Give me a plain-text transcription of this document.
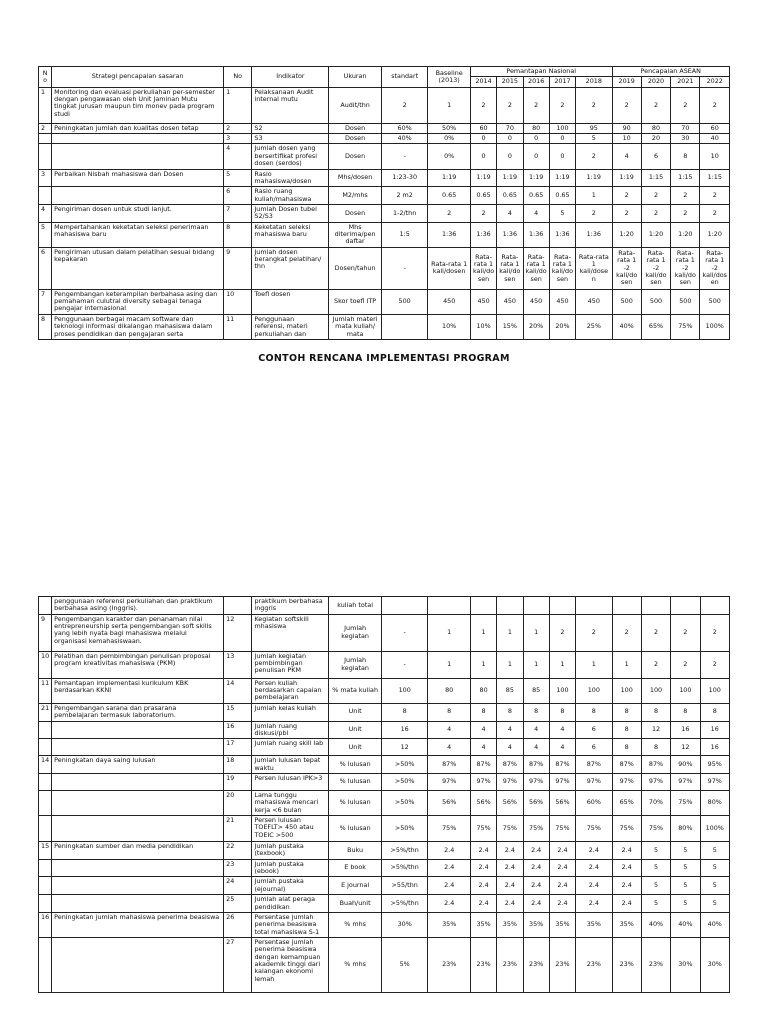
No	Strategi pencapaian sasaran	No	Indikator	Ukuran	standart	Baseline (2013)	Pemantapan Nasional					Pencapaian ASEAN			
							2014	2015	2016	2017	2018	2019	2020	2021	2022
1	Monitoring dan evaluasi perkuliahan per-semester dengan pengawasan oleh Unit Jaminan Mutu tingkat jurusan maupun tim monev pada program studi	1	Pelaksanaan Audit internal mutu	Audit/thn	2	1	2	2	2	2	2	2	2	2	2
2	Peningkatan jumlah dan kualitas dosen tetap	2	S2	Dosen	60%	50%	60	70	80	100	95	90	80	70	60
		3	S3	Dosen	40%	0%	0	0	0	0	5	10	20	30	40
		4	Jumlah dosen yang bersertifikat profesi dosen (serdos)	Dosen	-	0%	0	0	0	0	2	4	6	8	10
3	Perbaikan Nisbah mahasiswa dan Dosen	5	Rasio mahasiswa/dosen	Mhs/dosen	1:23-30	1:19	1:19	1:19	1:19	1:19	1:19	1:19	1:15	1:15	1:15
		6	Rasio ruang kuliah/mahasiswa	M2/mhs	2 m2	0.65	0.65	0.65	0.65	0.65	1	2	2	2	2
4	Pengiriman dosen untuk studi lanjut.	7	Jumlah Dosen tubel S2/S3	Dosen	1-2/thn	2	2	4	4	5	2	2	2	2	2
5	Mempertahankan keketatan seleksi penerimaan mahasiswa baru	8	Keketatan seleksi mahasiswa baru	Mhs diterima/pen daftar	1:5	1:36	1:36	1:36	1:36	1:36	1:36	1:20	1:20	1:20	1:20
6	Pengiriman utusan dalam pelatihan sesuai bidang kepakaran	9	Jumlah dosen berangkat pelatihan/ thn	Dosen/tahun	-	Rata-rata 1 kali/dosen	Rata-rata 1 kali/dosen	Rata-rata 1 kali/dosen	Rata-rata 1 kali/dosen	Rata-rata 1 kali/dosen	Rata-rata 1 kali/dosen	Rata-rata 1 -2 kali/dosen	Rata-rata 1 -2 kali/dosen	Rata-rata 1 -2 kali/dosen	Rata-rata 1 -2 kali/dosen
7	Pengembangan keterampilan berbahasa asing dan pemahaman culutral diversity sebagai tenaga pengajar internasional	10	Toefl dosen	Skor toefl ITP	500	450	450	450	450	450	450	500	500	500	500
8	Penggunaan berbagai macam software dan teknologi informasi dikalangan mahasiswa dalam proses pendidikan dan pengajaran serta	11	Penggunaan referensi, materi perkuliahan dan	Jumlah materi mata kuliah/ mata		10%	10%	15%	20%	20%	25%	40%	65%	75%	100%
CONTOH RENCANA IMPLEMENTASI PROGRAM
	penggunaan referensi perkuliahan dan praktikum berbahasa asing (Inggris).		praktikum berbahasa inggris	kuliah total											
9	Pengembangan karakter dan penanaman nilai entrepreneurship serta pengembangan soft skills yang lebih nyata bagi mahasiswa melalui organisasi kemahasiswaan.	12	Kegiatan softskill mhasiswa	Jumlah kegiatan	-	1	1	1	1	2	2	2	2	2	2
10	Pelatihan dan pembimbingan penulisan proposal program kreativitas mahasiswa (PKM)	13	Jumlah kegiatan pembimbingan penulisan PKM	Jumlah kegiatan	-	1	1	1	1	1	1	1	2	2	2
11	Pemantapan implementasi kurikulum KBK berdasarkan KKNI	14	Persen kuliah berdasarkan capaian pembelajaran	% mata kuliah	100	80	80	85	85	100	100	100	100	100	100
21	Pengembangan sarana dan prasarana pembelajaran termasuk laboratorium.	15	Jumlah kelas kuliah	Unit	8	8	8	8	8	8	8	8	8	8	8
		16	Jumlah ruang diskusi/pbl	Unit	16	4	4	4	4	4	6	8	12	16	16
		17	Jumlah ruang skill lab	Unit	12	4	4	4	4	4	6	8	8	12	16
14	Peningkatan daya saing lulusan	18	Jumlah lulusan tepat waktu	% lulusan	>50%	87%	87%	87%	87%	87%	87%	87%	87%	90%	95%
		19	Persen lulusan IPK>3	% lulusan	>50%	97%	97%	97%	97%	97%	97%	97%	97%	97%	97%
		20	Lama tunggu mahasiswa mencari kerja <6 bulan	% lulusan	>50%	56%	56%	56%	56%	56%	60%	65%	70%	75%	80%
		21	Persen lulusan TOEFLT> 450 atau TOEIC >500	% lulusan	>50%	75%	75%	75%	75%	75%	75%	75%	75%	80%	100%
15	Peningkatan sumber dan media pendidikan	22	Jumlah pustaka (texbook)	Buku	>5%/thn	2.4	2.4	2.4	2.4	2.4	2.4	2.4	5	5	5
		23	Jumlah pustaka (ebook)	E book	>5%/thn	2.4	2.4	2.4	2.4	2.4	2.4	2.4	5	5	5
		24	Jumlah pustaka (ejournal)	E journal	>55/thn	2.4	2.4	2.4	2.4	2.4	2.4	2.4	5	5	5
		25	Jumlah alat peraga pendidikan	Buah/unit	>5%/thn	2.4	2.4	2.4	2.4	2.4	2.4	2.4	5	5	5
16	Peningkatan jumlah mahasiswa penerima beasiswa	26	Persentase jumlah penerima beasiswa total mahasiswa S-1	% mhs	30%	35%	35%	35%	35%	35%	35%	35%	40%	40%	40%
		27	Persentase jumlah penerima beasiswa dengan kemampuan akademik tinggi dari kalangan ekonomi lemah	% mhs	5%	23%	23%	23%	23%	23%	23%	23%	23%	30%	30%
